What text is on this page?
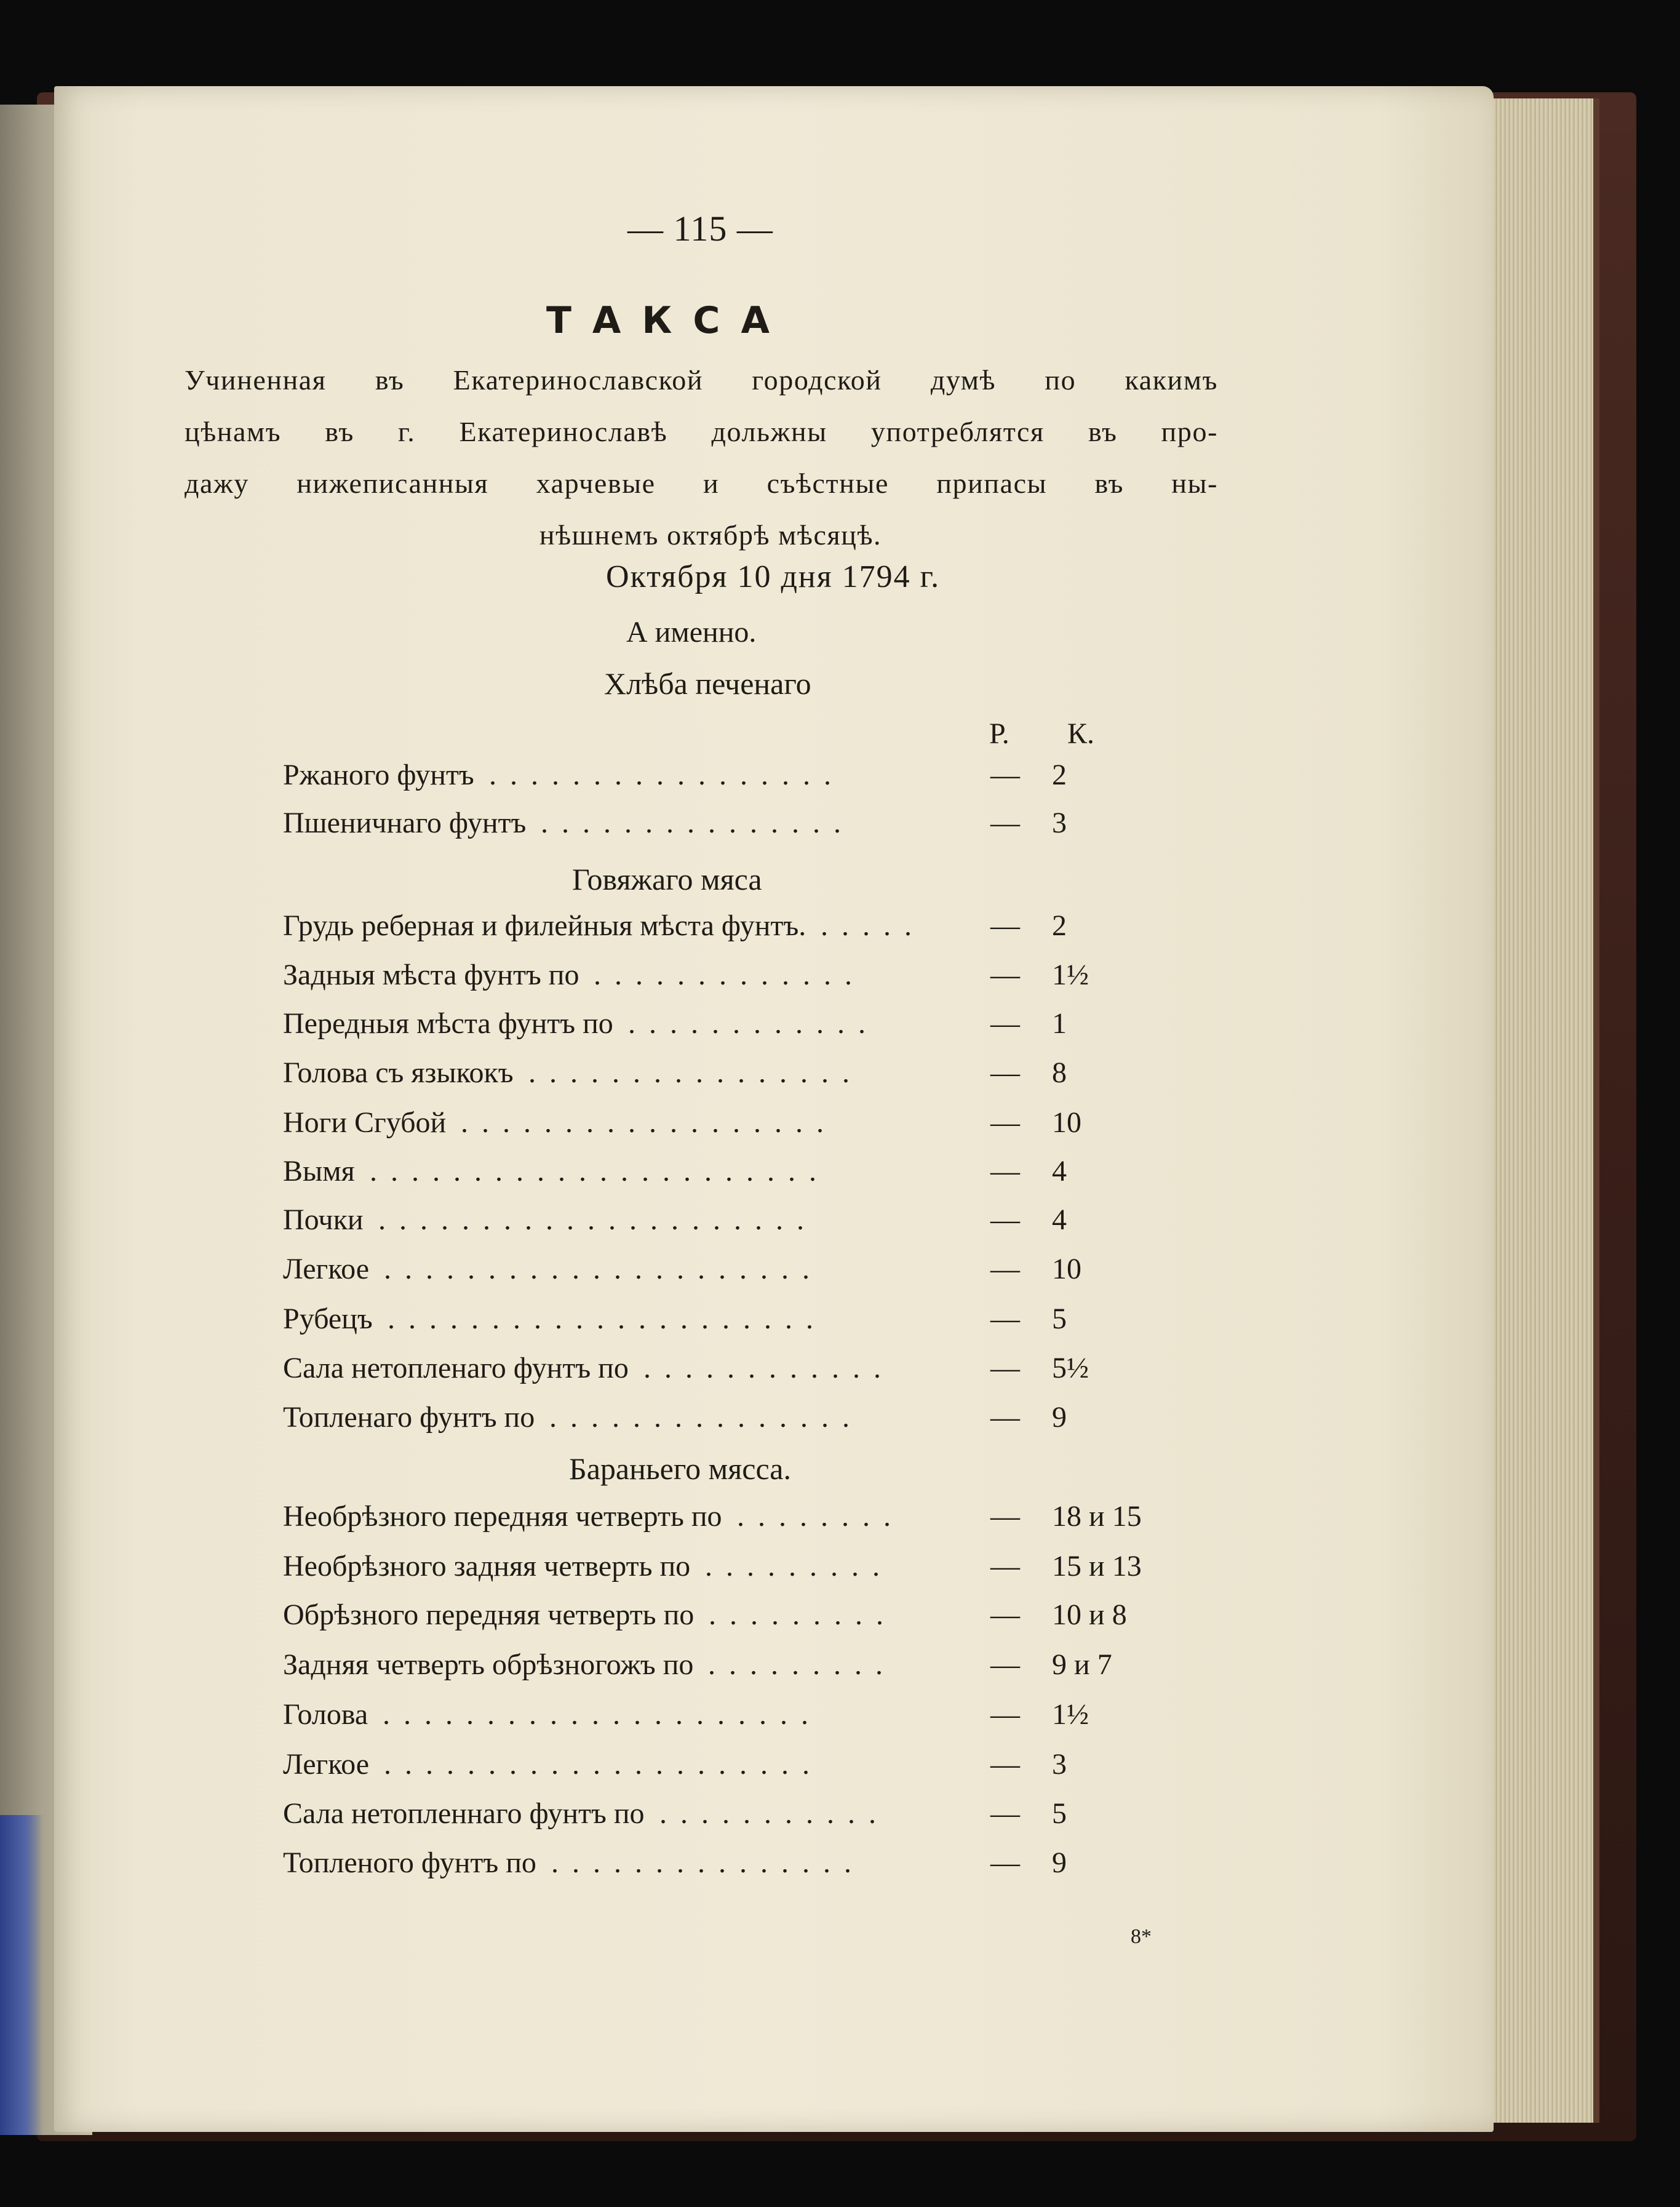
— 115 —
ТАКСА
Учиненная въ Екатеринославской городской думѣ по какимъ
цѣнамъ въ г. Екатеринославѣ дольжны употреблятся въ про-
дажу нижеписанныя харчевые и съѣстные припасы въ ны-
нѣшнемъ октябрѣ мѣсяцѣ.
Октября 10 дня 1794 г.
А именно.
Хлѣба печенаго
Р. К.
Ржаного фунтъ .................	— 2
Пшеничнаго фунтъ ...............	— 3
Говяжаго мяса
Грудь реберная и филейныя мѣста фунтъ. ..... — 2
Задныя мѣста фунтъ по .............	— 1½
Передныя мѣста фунтъ по ............	— 1
Голова съ языкокъ ................	— 8
Ноги Сгубой ..................	— 10
Вымя ......................	— 4
Почки .....................	— 4
Легкое .....................	— 10
Рубецъ .....................	— 5
Сала нетопленаго фунтъ по ............	— 5½
Топленаго фунтъ по ...............	— 9
Бараньего мясса.
Необрѣзного передняя четверть по ........	— 18 и 15
Необрѣзного задняя четверть по .........	— 15 и 13
Обрѣзного передняя четверть по .........	— 10 и 8
Задняя четверть обрѣзногожъ по .........	— 9 и 7
Голова .....................	— 1½
Легкое .....................	— 3
Сала нетопленнаго фунтъ по ...........	— 5
Топленого фунтъ по ...............	— 9
8*
